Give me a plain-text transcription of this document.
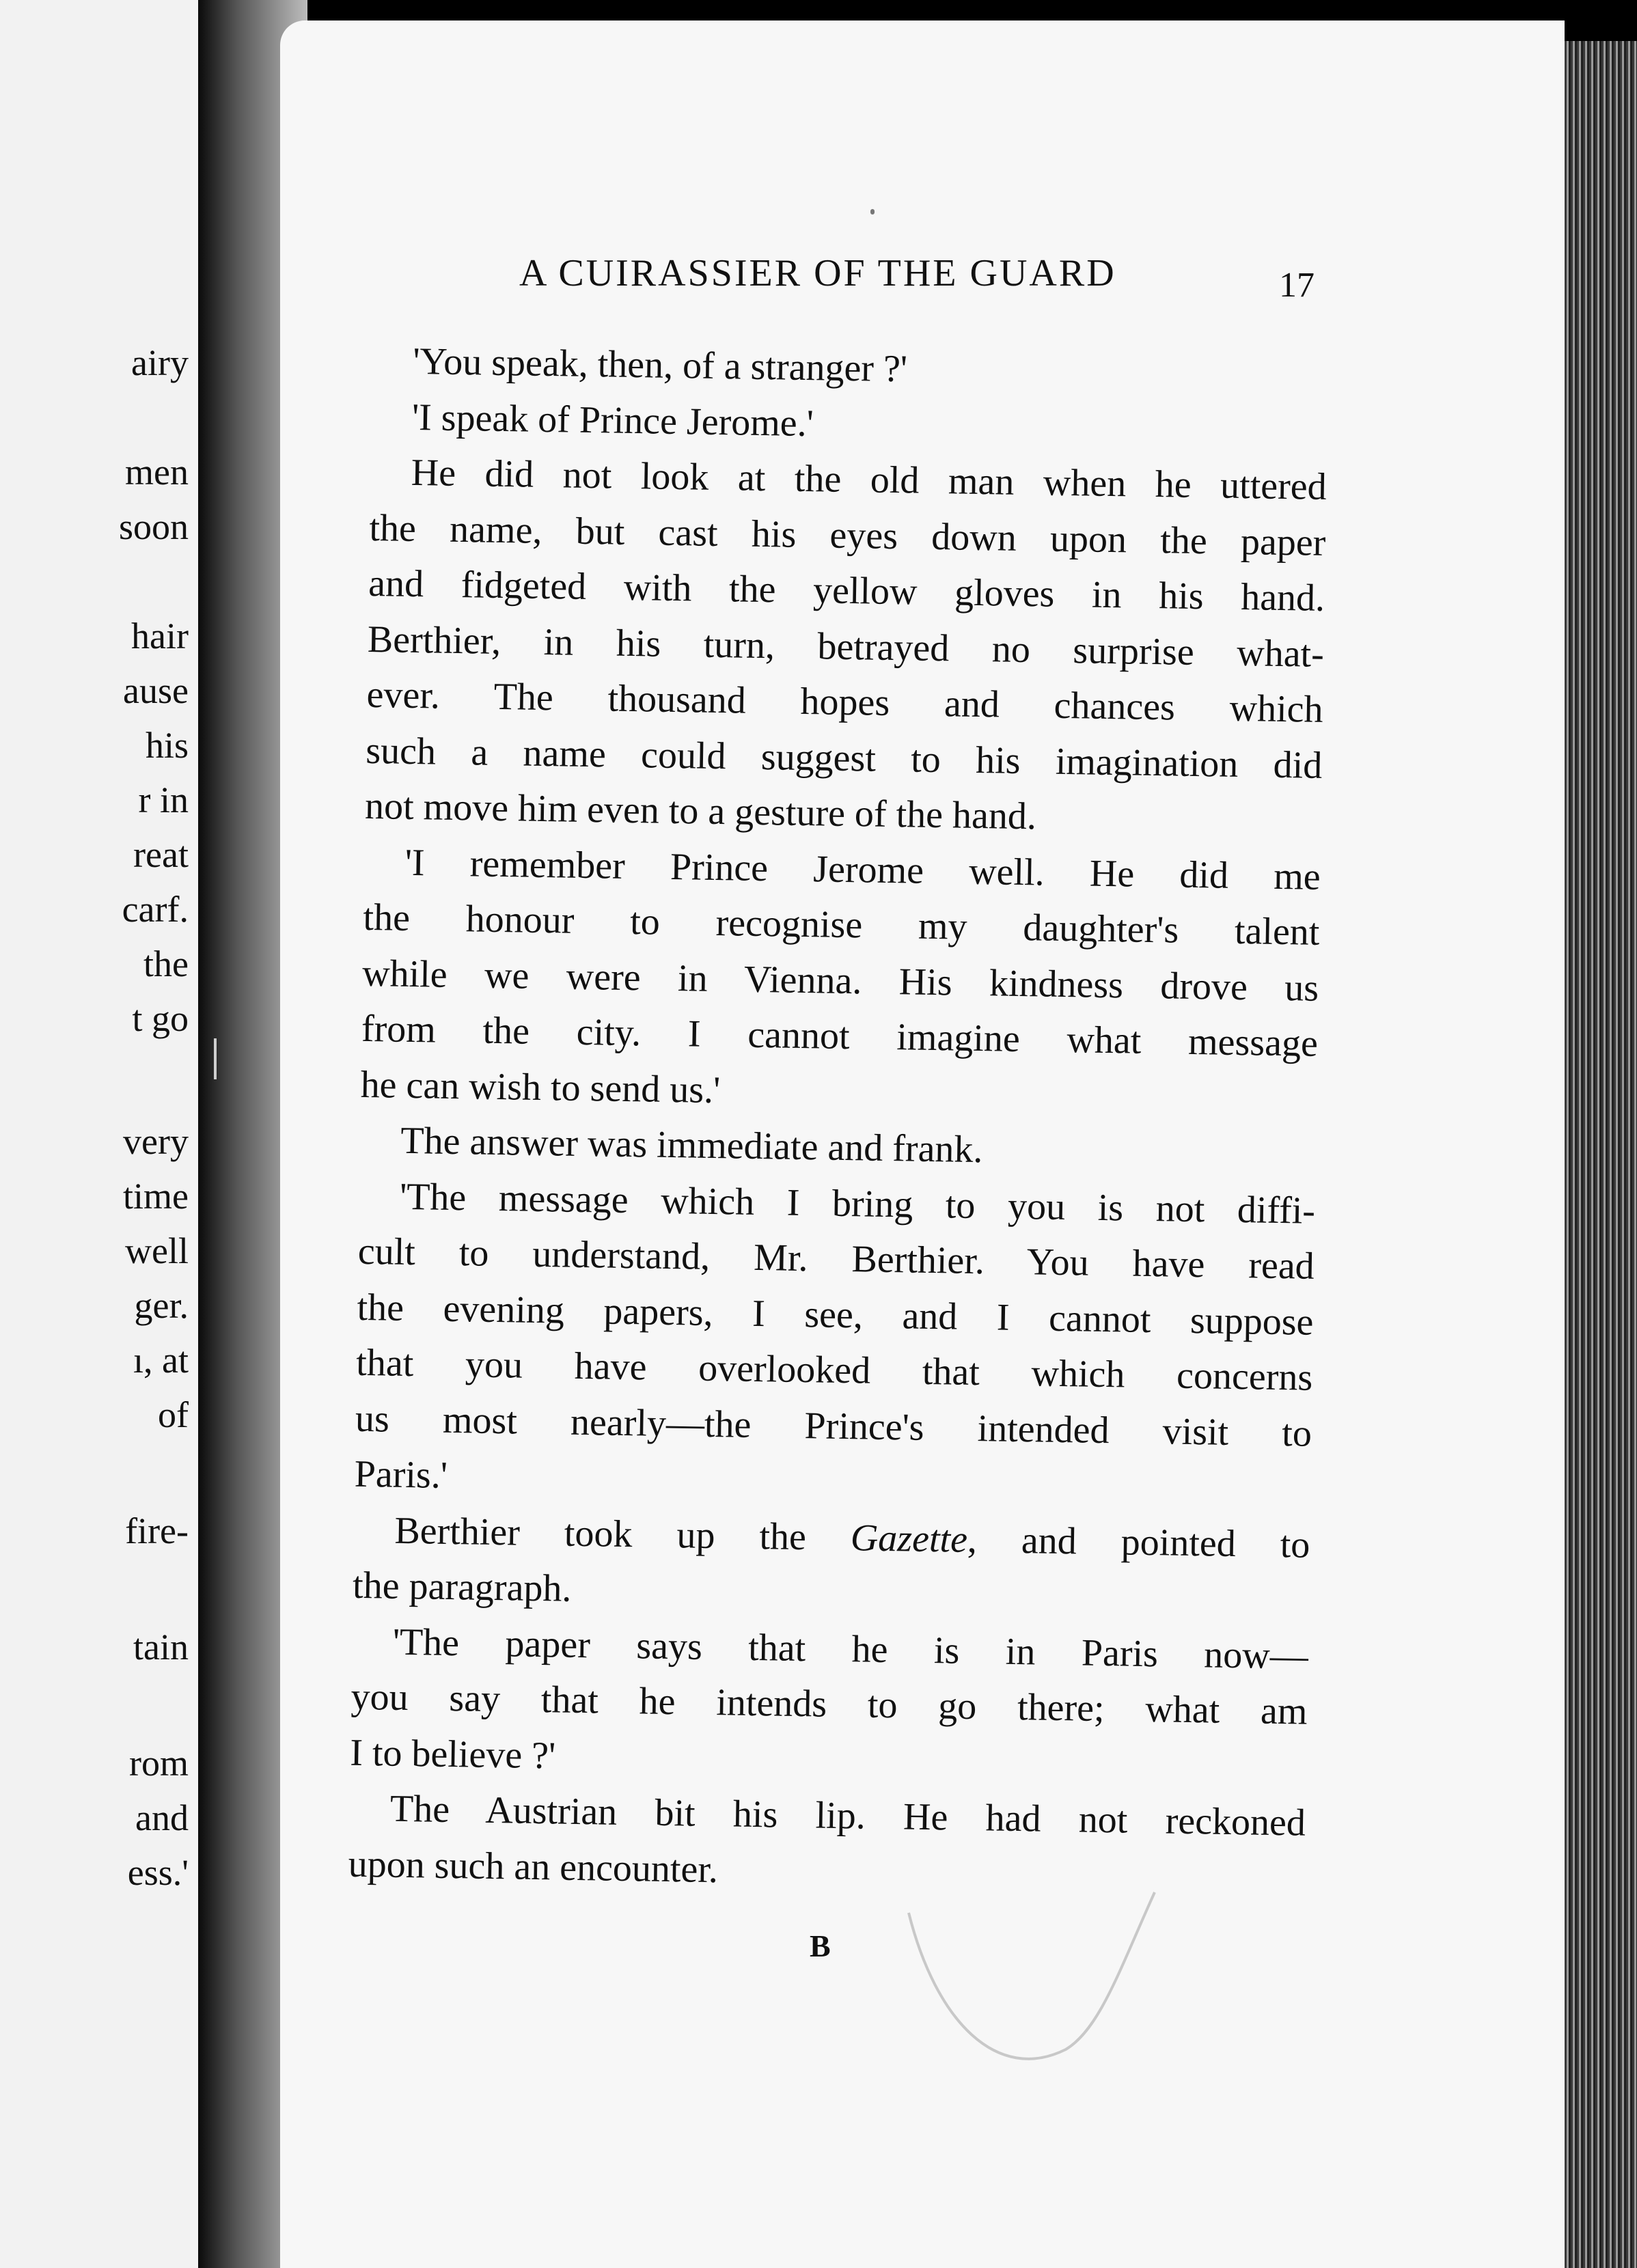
airy
men
soon
hair
ause
his
r in
reat
carf.
the
t go
very
time
well
ger.
ı, at
of
fire-
tain
rom
and
ess.'
A CUIRASSIER OF THE GUARD	17
'You speak, then, of a stranger ?'
'I speak of Prince Jerome.'
He did not look at the old man when he uttered
the name, but cast his eyes down upon the paper
and fidgeted with the yellow gloves in his hand.
Berthier, in his turn, betrayed no surprise what-
ever. The thousand hopes and chances which
such a name could suggest to his imagination did
not move him even to a gesture of the hand.
'I remember Prince Jerome well. He did me
the honour to recognise my daughter's talent
while we were in Vienna. His kindness drove us
from the city. I cannot imagine what message
he can wish to send us.'
The answer was immediate and frank.
'The message which I bring to you is not diffi-
cult to understand, Mr. Berthier. You have read
the evening papers, I see, and I cannot suppose
that you have overlooked that which concerns
us most nearly—the Prince's intended visit to
Paris.'
Berthier took up the Gazette, and pointed to
the paragraph.
'The paper says that he is in Paris now—
you say that he intends to go there; what am
I to believe ?'
The Austrian bit his lip. He had not reckoned
upon such an encounter.
B
